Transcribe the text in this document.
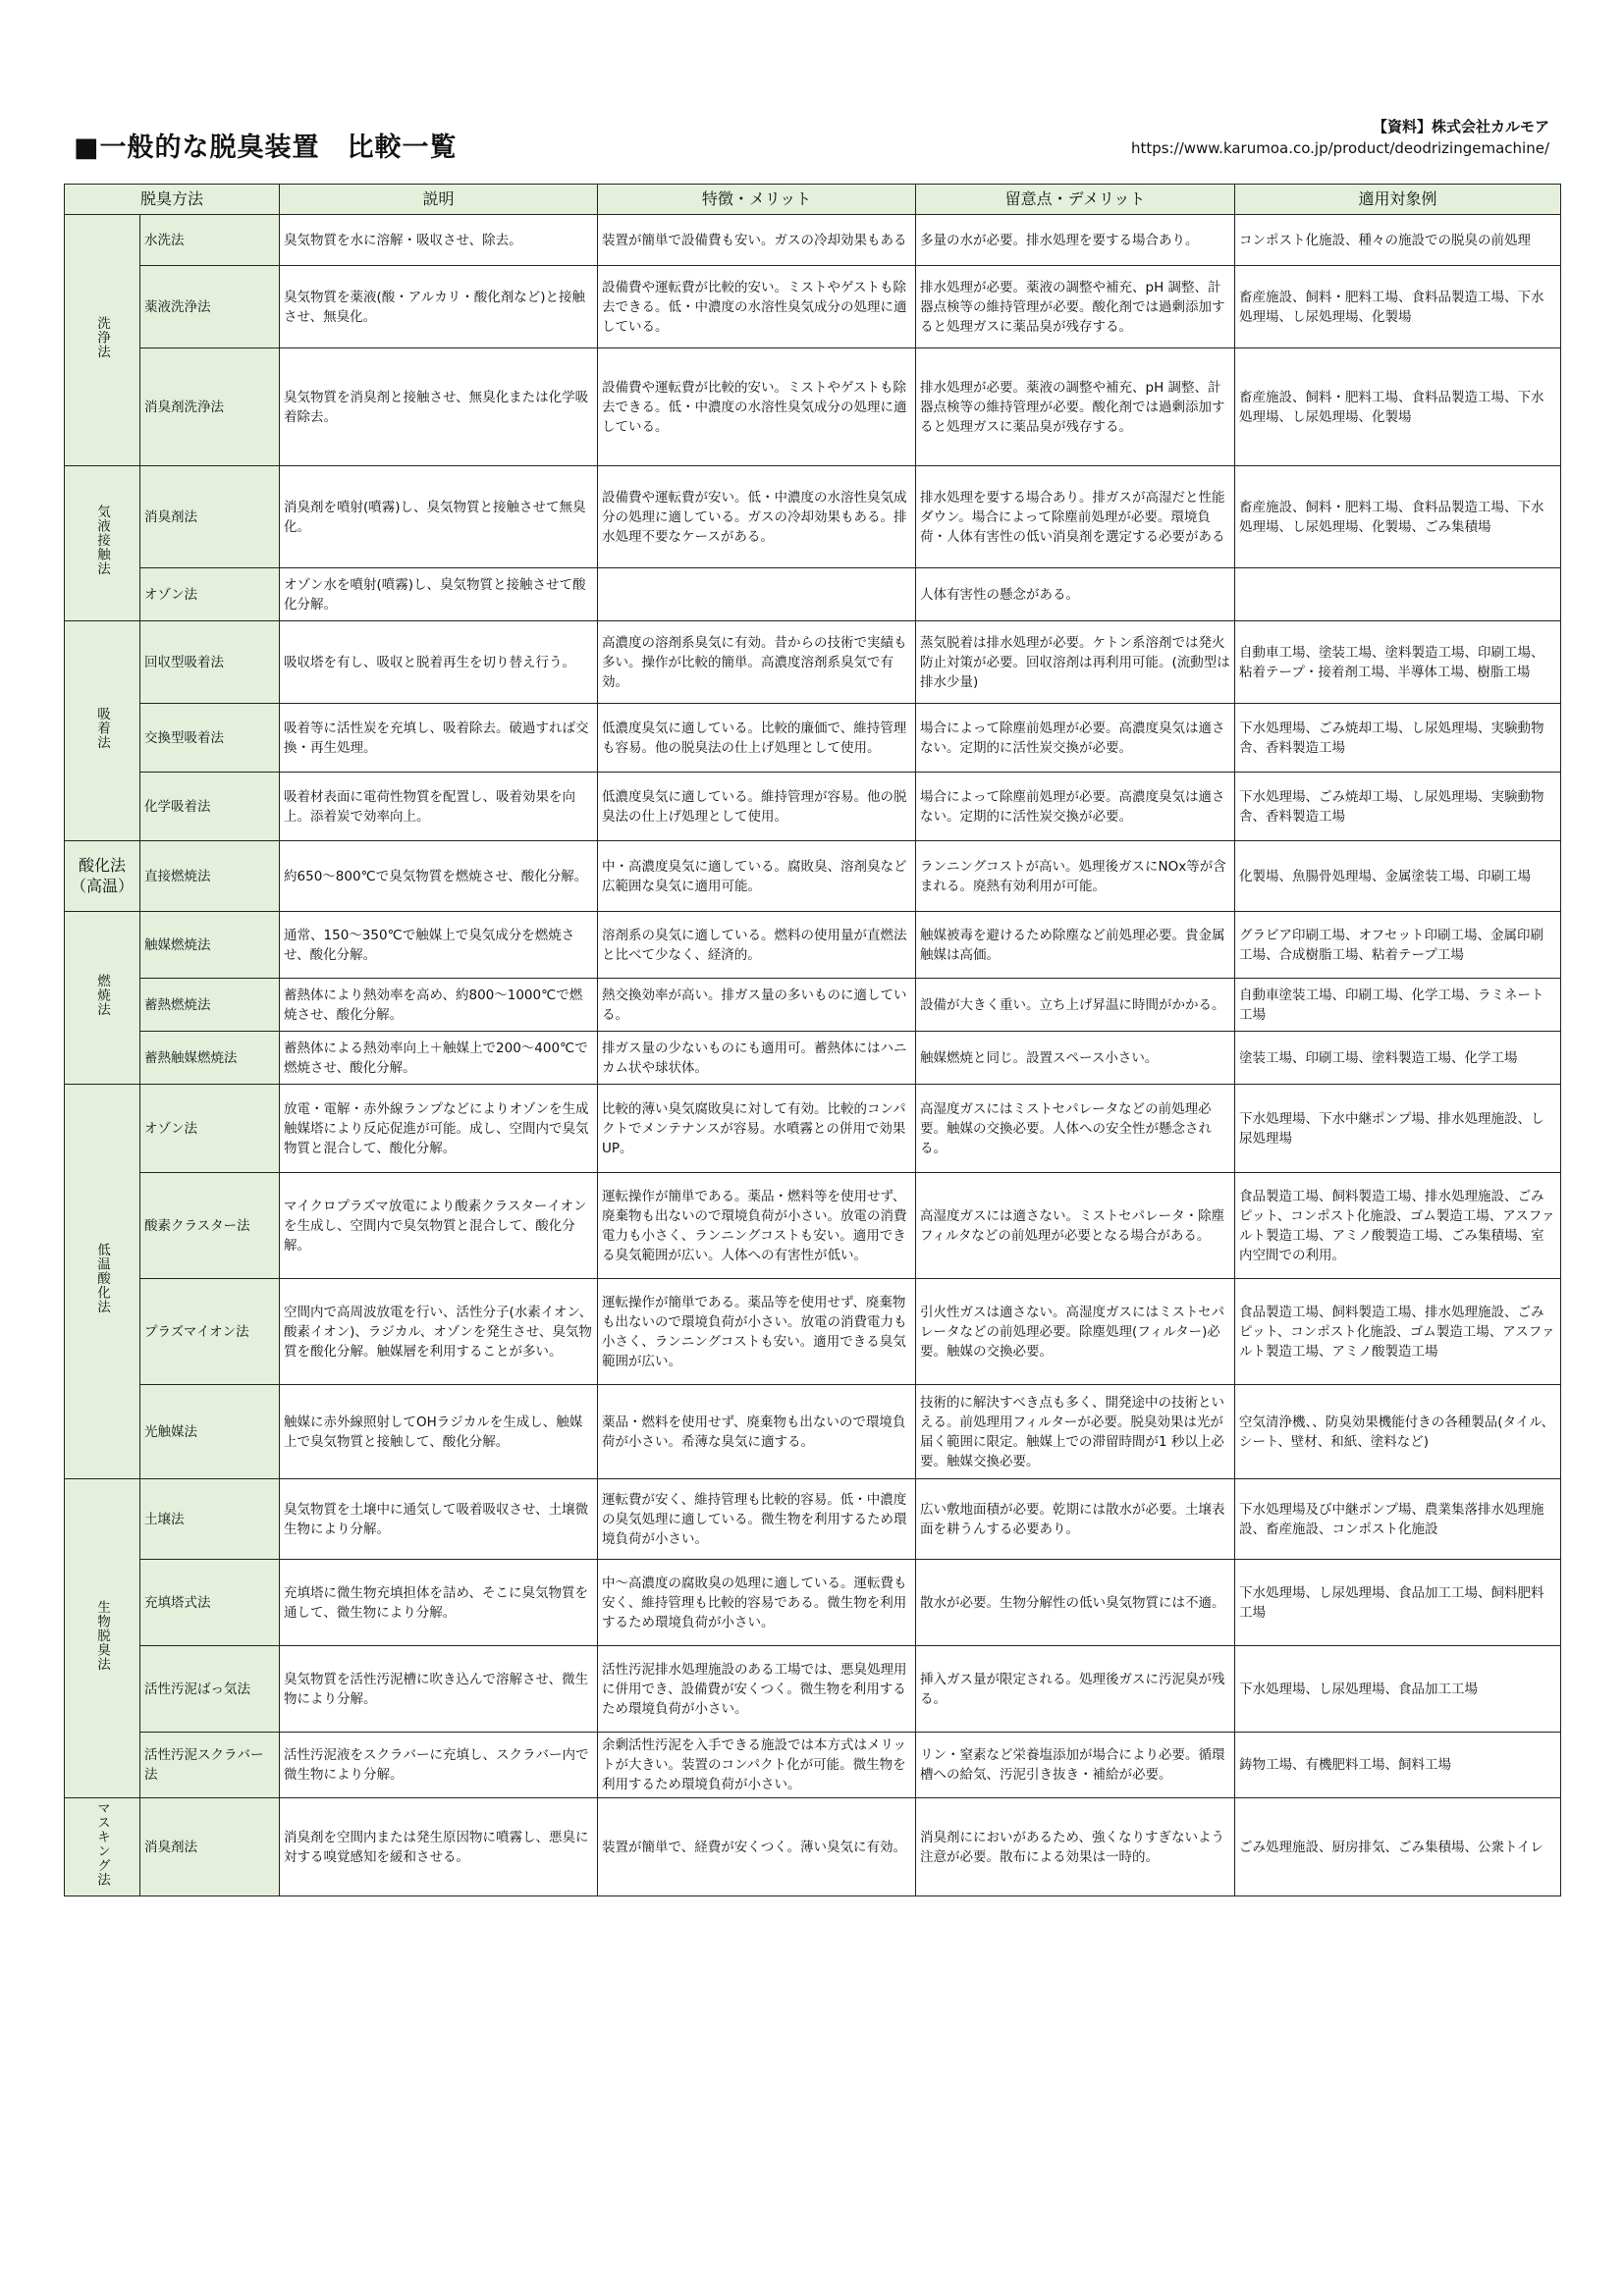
■一般的な脱臭装置　比較一覧
【資料】株式会社カルモア
https://www.karumoa.co.jp/product/deodrizingemachine/
脱臭方法		説明	特徴・メリット	留意点・デメリット	適用対象例
洗浄法	水洗法	臭気物質を水に溶解・吸収させ、除去。	装置が簡単で設備費も安い。ガスの冷却効果もある	多量の水が必要。排水処理を要する場合あり。	コンポスト化施設、種々の施設での脱臭の前処理
	薬液洗浄法	臭気物質を薬液(酸・アルカリ・酸化剤など)と接触させ、無臭化。	設備費や運転費が比較的安い。ミストやゲストも除去できる。低・中濃度の水溶性臭気成分の処理に適している。	排水処理が必要。薬液の調整や補充、pH 調整、計器点検等の維持管理が必要。酸化剤では過剰添加すると処理ガスに薬品臭が残存する。	畜産施設、飼料・肥料工場、食料品製造工場、下水処理場、し尿処理場、化製場
	消臭剤洗浄法	臭気物質を消臭剤と接触させ、無臭化または化学吸着除去。	設備費や運転費が比較的安い。ミストやゲストも除去できる。低・中濃度の水溶性臭気成分の処理に適している。	排水処理が必要。薬液の調整や補充、pH 調整、計器点検等の維持管理が必要。酸化剤では過剰添加すると処理ガスに薬品臭が残存する。	畜産施設、飼料・肥料工場、食料品製造工場、下水処理場、し尿処理場、化製場
気液接触法	消臭剤法	消臭剤を噴射(噴霧)し、臭気物質と接触させて無臭化。	設備費や運転費が安い。低・中濃度の水溶性臭気成分の処理に適している。ガスの冷却効果もある。排水処理不要なケースがある。	排水処理を要する場合あり。排ガスが高湿だと性能ダウン。場合によって除塵前処理が必要。環境負荷・人体有害性の低い消臭剤を選定する必要がある	畜産施設、飼料・肥料工場、食料品製造工場、下水処理場、し尿処理場、化製場、ごみ集積場
	オゾン法	オゾン水を噴射(噴霧)し、臭気物質と接触させて酸化分解。		人体有害性の懸念がある。	
吸着法	回収型吸着法	吸収塔を有し、吸収と脱着再生を切り替え行う。	高濃度の溶剤系臭気に有効。昔からの技術で実績も多い。操作が比較的簡単。高濃度溶剤系臭気で有効。	蒸気脱着は排水処理が必要。ケトン系溶剤では発火防止対策が必要。回収溶剤は再利用可能。(流動型は排水少量)	自動車工場、塗装工場、塗料製造工場、印刷工場、粘着テープ・接着剤工場、半導体工場、樹脂工場
	交換型吸着法	吸着等に活性炭を充填し、吸着除去。破過すれば交換・再生処理。	低濃度臭気に適している。比較的廉価で、維持管理も容易。他の脱臭法の仕上げ処理として使用。	場合によって除塵前処理が必要。高濃度臭気は適さない。定期的に活性炭交換が必要。	下水処理場、ごみ焼却工場、し尿処理場、実験動物舎、香料製造工場
	化学吸着法	吸着材表面に電荷性物質を配置し、吸着効果を向上。添着炭で効率向上。	低濃度臭気に適している。維持管理が容易。他の脱臭法の仕上げ処理として使用。	場合によって除塵前処理が必要。高濃度臭気は適さない。定期的に活性炭交換が必要。	下水処理場、ごみ焼却工場、し尿処理場、実験動物舎、香料製造工場
酸化法（高温）	直接燃焼法	約650～800℃で臭気物質を燃焼させ、酸化分解。	中・高濃度臭気に適している。腐敗臭、溶剤臭など広範囲な臭気に適用可能。	ランニングコストが高い。処理後ガスにNOx等が含まれる。廃熱有効利用が可能。	化製場、魚腸骨処理場、金属塗装工場、印刷工場
燃焼法	触媒燃焼法	通常、150～350℃で触媒上で臭気成分を燃焼させ、酸化分解。	溶剤系の臭気に適している。燃料の使用量が直燃法と比べて少なく、経済的。	触媒被毒を避けるため除塵など前処理必要。貴金属触媒は高価。	グラビア印刷工場、オフセット印刷工場、金属印刷工場、合成樹脂工場、粘着テープ工場
	蓄熱燃焼法	蓄熱体により熱効率を高め、約800～1000℃で燃焼させ、酸化分解。	熱交換効率が高い。排ガス量の多いものに適している。	設備が大きく重い。立ち上げ昇温に時間がかかる。	自動車塗装工場、印刷工場、化学工場、ラミネート工場
	蓄熱触媒燃焼法	蓄熱体による熱効率向上＋触媒上で200～400℃で燃焼させ、酸化分解。	排ガス量の少ないものにも適用可。蓄熱体にはハニカム状や球状体。	触媒燃焼と同じ。設置スペース小さい。	塗装工場、印刷工場、塗料製造工場、化学工場
低温酸化法	オゾン法	放電・電解・赤外線ランプなどによりオゾンを生成触媒塔により反応促進が可能。成し、空間内で臭気物質と混合して、酸化分解。	比較的薄い臭気腐敗臭に対して有効。比較的コンパクトでメンテナンスが容易。水噴霧との併用で効果UP。	高湿度ガスにはミストセパレータなどの前処理必要。触媒の交換必要。人体への安全性が懸念される。	下水処理場、下水中継ポンプ場、排水処理施設、し尿処理場
	酸素クラスター法	マイクロプラズマ放電により酸素クラスターイオンを生成し、空間内で臭気物質と混合して、酸化分解。	運転操作が簡単である。薬品・燃料等を使用せず、廃棄物も出ないので環境負荷が小さい。放電の消費電力も小さく、ランニングコストも安い。適用できる臭気範囲が広い。人体への有害性が低い。	高湿度ガスには適さない。ミストセパレータ・除塵フィルタなどの前処理が必要となる場合がある。	食品製造工場、飼料製造工場、排水処理施設、ごみピット、コンポスト化施設、ゴム製造工場、アスファルト製造工場、アミノ酸製造工場、ごみ集積場、室内空間での利用。
	プラズマイオン法	空間内で高周波放電を行い、活性分子(水素イオン、酸素イオン)、ラジカル、オゾンを発生させ、臭気物質を酸化分解。触媒層を利用することが多い。	運転操作が簡単である。薬品等を使用せず、廃棄物も出ないので環境負荷が小さい。放電の消費電力も小さく、ランニングコストも安い。適用できる臭気範囲が広い。	引火性ガスは適さない。高湿度ガスにはミストセパレータなどの前処理必要。除塵処理(フィルター)必要。触媒の交換必要。	食品製造工場、飼料製造工場、排水処理施設、ごみピット、コンポスト化施設、ゴム製造工場、アスファルト製造工場、アミノ酸製造工場
	光触媒法	触媒に赤外線照射してOHラジカルを生成し、触媒上で臭気物質と接触して、酸化分解。	薬品・燃料を使用せず、廃棄物も出ないので環境負荷が小さい。希薄な臭気に適する。	技術的に解決すべき点も多く、開発途中の技術といえる。前処理用フィルターが必要。脱臭効果は光が届く範囲に限定。触媒上での滞留時間が1 秒以上必要。触媒交換必要。	空気清浄機、、防臭効果機能付きの各種製品(タイル、シート、壁材、和紙、塗料など)
生物脱臭法	土壌法	臭気物質を土壌中に通気して吸着吸収させ、土壌微生物により分解。	運転費が安く、維持管理も比較的容易。低・中濃度の臭気処理に適している。微生物を利用するため環境負荷が小さい。	広い敷地面積が必要。乾期には散水が必要。土壌表面を耕うんする必要あり。	下水処理場及び中継ポンプ場、農業集落排水処理施設、畜産施設、コンポスト化施設
	充填塔式法	充填塔に微生物充填担体を詰め、そこに臭気物質を通して、微生物により分解。	中～高濃度の腐敗臭の処理に適している。運転費も安く、維持管理も比較的容易である。微生物を利用するため環境負荷が小さい。	散水が必要。生物分解性の低い臭気物質には不適。	下水処理場、し尿処理場、食品加工工場、飼料肥料工場
	活性汚泥ばっ気法	臭気物質を活性汚泥槽に吹き込んで溶解させ、微生物により分解。	活性汚泥排水処理施設のある工場では、悪臭処理用に併用でき、設備費が安くつく。微生物を利用するため環境負荷が小さい。	挿入ガス量が限定される。処理後ガスに汚泥臭が残る。	下水処理場、し尿処理場、食品加工工場
	活性汚泥スクラバー法	活性汚泥液をスクラバーに充填し、スクラバー内で微生物により分解。	余剰活性汚泥を入手できる施設では本方式はメリットが大きい。装置のコンパクト化が可能。微生物を利用するため環境負荷が小さい。	リン・窒素など栄養塩添加が場合により必要。循環槽への給気、汚泥引き抜き・補給が必要。	鋳物工場、有機肥料工場、飼料工場
マスキング法	消臭剤法	消臭剤を空間内または発生原因物に噴霧し、悪臭に対する嗅覚感知を緩和させる。	装置が簡単で、経費が安くつく。薄い臭気に有効。	消臭剤ににおいがあるため、強くなりすぎないよう注意が必要。散布による効果は一時的。	ごみ処理施設、厨房排気、ごみ集積場、公衆トイレ
